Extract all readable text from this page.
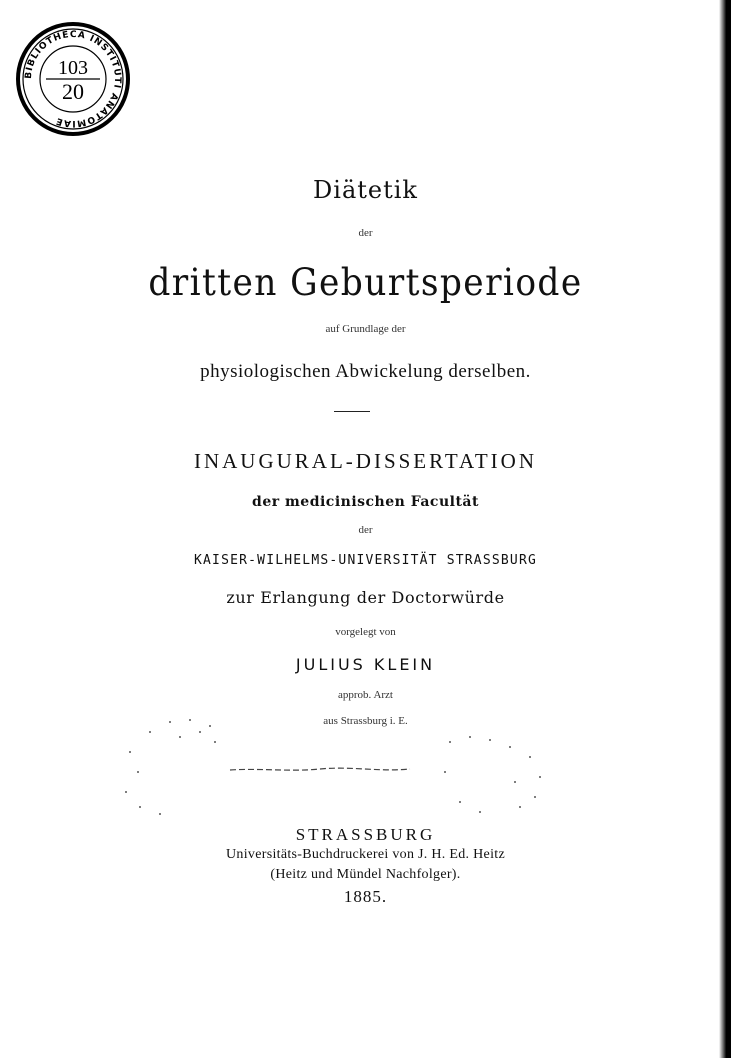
BIBLIOTHECA INSTITUTI ANATOMIAE
103
20
Diätetik
der
dritten Geburtsperiode
auf Grundlage der
physiologischen Abwickelung derselben.
INAUGURAL-DISSERTATION
der medicinischen Facultät
der
KAISER-WILHELMS-UNIVERSITÄT STRASSBURG
zur Erlangung der Doctorwürde
vorgelegt von
JULIUS KLEIN
approb. Arzt
aus Strassburg i. E.
STRASSBURG
Universitäts-Buchdruckerei von J. H. Ed. Heitz
(Heitz und Mündel Nachfolger).
1885.
